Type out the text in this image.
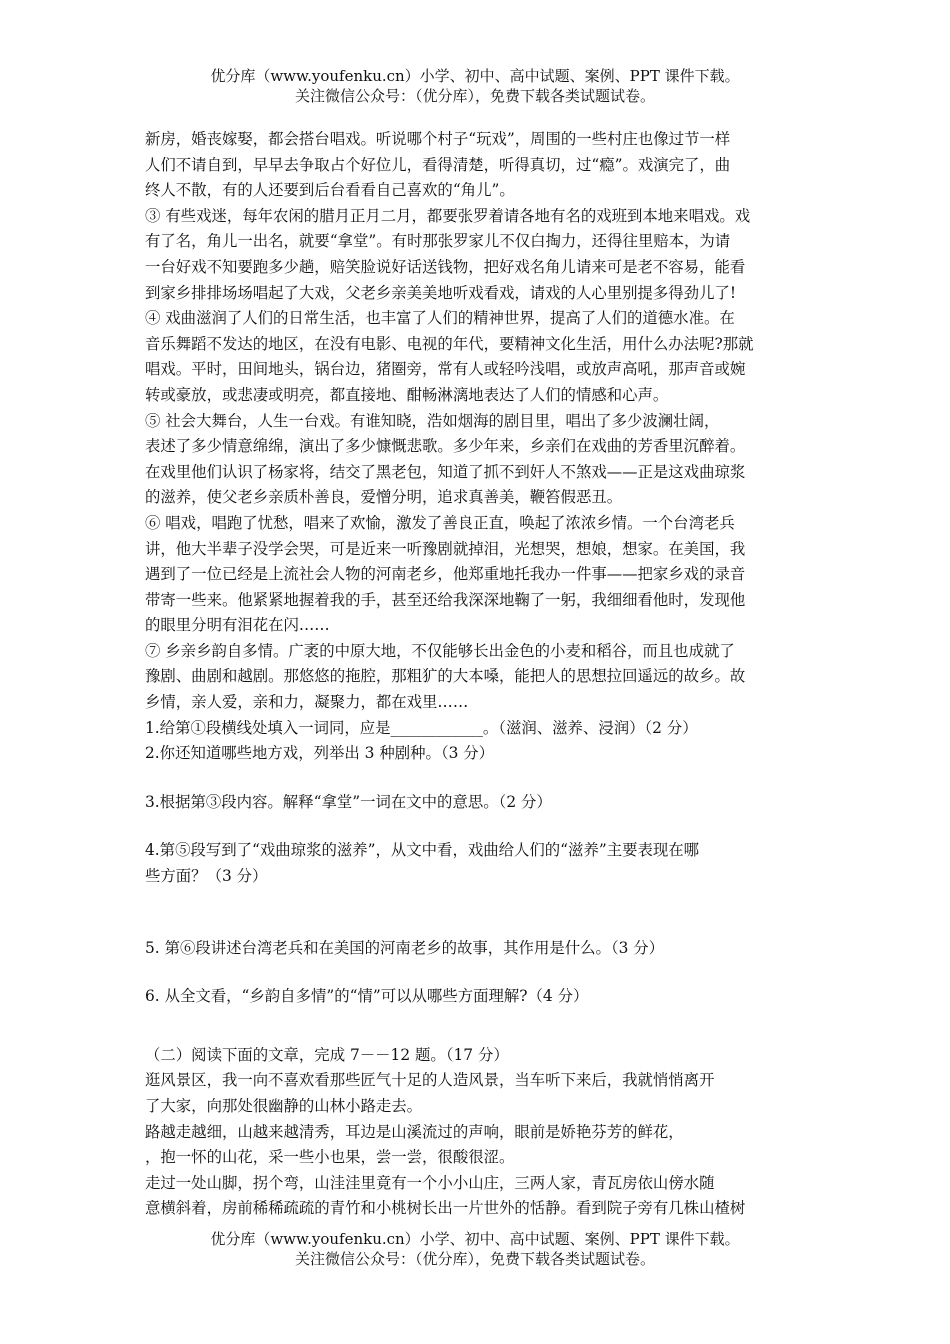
优分库（www.youfenku.cn）小学、初中、高中试题、案例、PPT 课件下载。
关注微信公众号：（优分库），免费下载各类试题试卷。
新房，婚丧嫁娶，都会搭台唱戏。听说哪个村子“玩戏”，周围的一些村庄也像过节一样
人们不请自到，早早去争取占个好位儿，看得清楚，听得真切，过“瘾”。戏演完了，曲
终人不散，有的人还要到后台看看自己喜欢的“角儿”。
③ 有些戏迷，每年农闲的腊月正月二月，都要张罗着请各地有名的戏班到本地来唱戏。戏
有了名，角儿一出名，就要“拿堂”。有时那张罗家儿不仅白掏力，还得往里赔本，为请
一台好戏不知要跑多少趟，赔笑脸说好话送钱物，把好戏名角儿请来可是老不容易，能看
到家乡排排场场唱起了大戏，父老乡亲美美地听戏看戏，请戏的人心里别提多得劲儿了!
④ 戏曲滋润了人们的日常生活，也丰富了人们的精神世界，提高了人们的道德水准。在
音乐舞蹈不发达的地区，在没有电影、电视的年代，要精神文化生活，用什么办法呢?那就
唱戏。平时，田间地头，锅台边，猪圈旁，常有人或轻吟浅唱，或放声高吼，那声音或婉
转或豪放，或悲凄或明亮，都直接地、酣畅淋漓地表达了人们的情感和心声。
⑤ 社会大舞台，人生一台戏。有谁知晓，浩如烟海的剧目里，唱出了多少波澜壮阔，
表述了多少情意绵绵，演出了多少慷慨悲歌。多少年来，乡亲们在戏曲的芳香里沉醉着。
在戏里他们认识了杨家将，结交了黑老包，知道了抓不到奸人不煞戏——正是这戏曲琼浆
的滋养，使父老乡亲质朴善良，爱憎分明，追求真善美，鞭笞假恶丑。
⑥ 唱戏，唱跑了忧愁，唱来了欢愉，激发了善良正直，唤起了浓浓乡情。一个台湾老兵
讲，他大半辈子没学会哭，可是近来一听豫剧就掉泪，光想哭，想娘，想家。在美国，我
遇到了一位已经是上流社会人物的河南老乡，他郑重地托我办一件事——把家乡戏的录音
带寄一些来。他紧紧地握着我的手，甚至还给我深深地鞠了一躬，我细细看他时，发现他
的眼里分明有泪花在闪……
⑦ 乡亲乡韵自多情。广袤的中原大地，不仅能够长出金色的小麦和稻谷，而且也成就了
豫剧、曲剧和越剧。那悠悠的拖腔，那粗犷的大本嗓，能把人的思想拉回遥远的故乡。故
乡情，亲人爱，亲和力，凝聚力，都在戏里……
1.给第①段横线处填入一词同，应是____________。（滋润、滋养、浸润）（2 分）
2.你还知道哪些地方戏，列举出 3 种剧种。（3 分）
3.根据第③段内容。解释“拿堂”一词在文中的意思。（2 分）
4.第⑤段写到了“戏曲琼浆的滋养”，从文中看，戏曲给人们的“滋养”主要表现在哪
些方面？（3 分）
5. 第⑥段讲述台湾老兵和在美国的河南老乡的故事，其作用是什么。（3 分）
6. 从全文看，“乡韵自多情”的“情”可以从哪些方面理解?（4 分）
（二）阅读下面的文章，完成 7－－12 题。（17 分）
逛风景区，我一向不喜欢看那些匠气十足的人造风景，当车听下来后，我就悄悄离开
了大家，向那处很幽静的山林小路走去。
路越走越细，山越来越清秀，耳边是山溪流过的声响，眼前是娇艳芬芳的鲜花，
，抱一怀的山花，采一些小也果，尝一尝，很酸很涩。
走过一处山脚，拐个弯，山洼洼里竟有一个小小山庄，三两人家，青瓦房依山傍水随
意横斜着，房前稀稀疏疏的青竹和小桃树长出一片世外的恬静。看到院子旁有几株山楂树
优分库（www.youfenku.cn）小学、初中、高中试题、案例、PPT 课件下载。
关注微信公众号：（优分库），免费下载各类试题试卷。
